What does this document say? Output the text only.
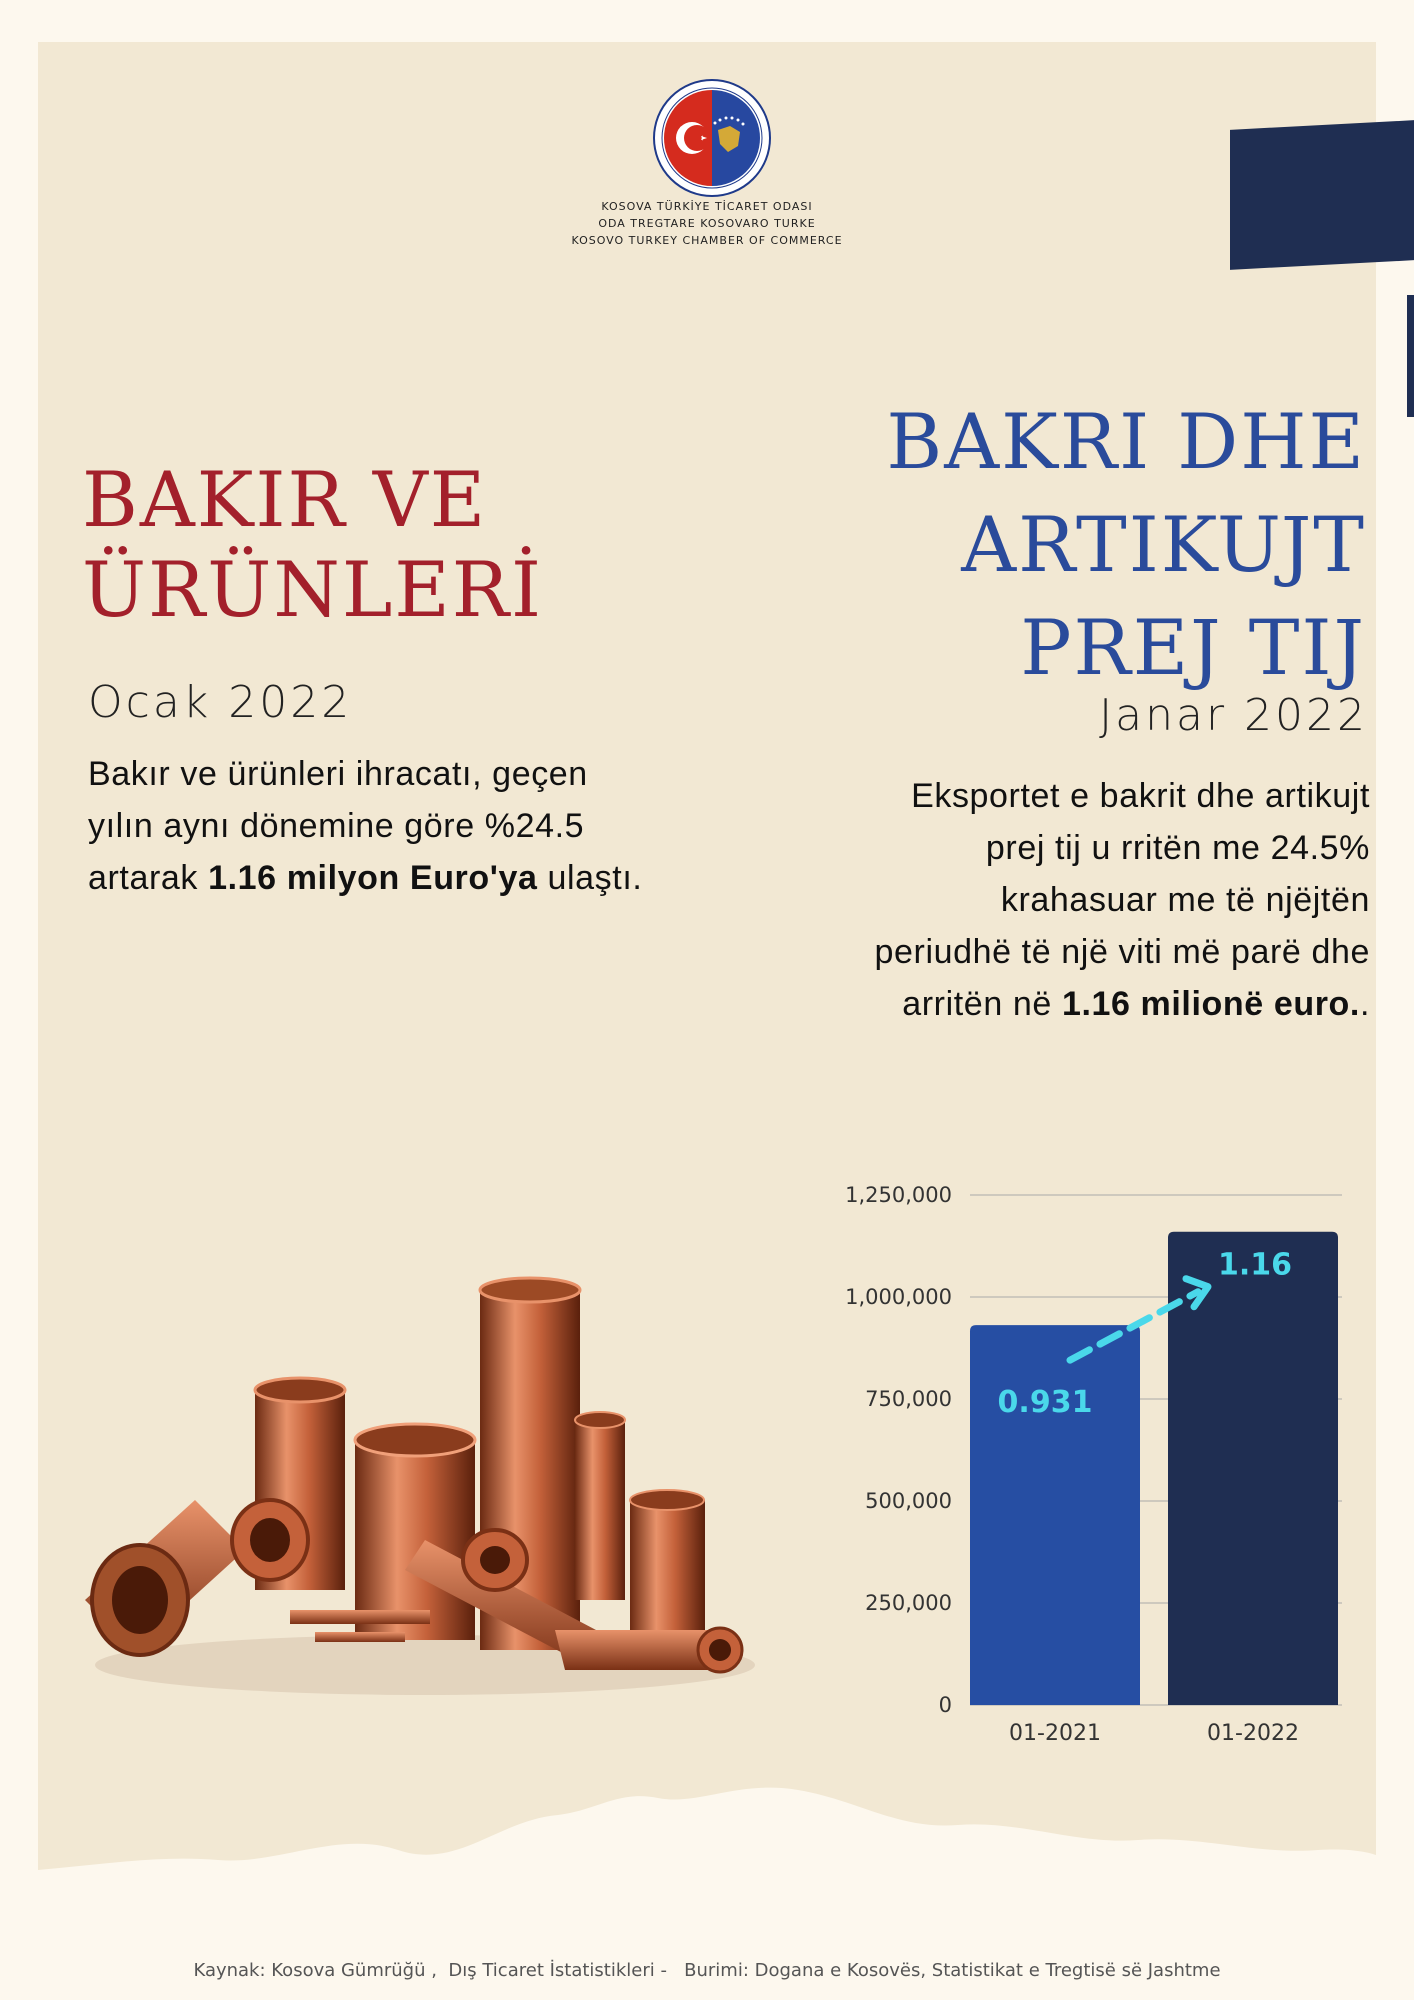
KOSOVA TÜRKİYE TİCARET ODASI
ODA TREGTARE KOSOVARO TURKE
KOSOVO TURKEY CHAMBER OF COMMERCE
BAKIR VE
ÜRÜNLERİ
BAKRI DHE
ARTIKUJT
PREJ TIJ
Ocak 2022	Janar 2022
Bakır ve ürünleri ihracatı, geçen
yılın aynı dönemine göre %24.5
artarak 1.16 milyon Euro'ya ulaştı.
Eksportet e bakrit dhe artikujt
prej tij u rritën me 24.5%
krahasuar me të njëjtën
periudhë të një viti më parë dhe
arritën në 1.16 milionë euro..
0
250,000
500,000
750,000
1,000,000
1,250,000
01-2021	01-2022
0.931
1.16
Kaynak: Kosova Gümrüğü ,  Dış Ticaret İstatistikleri -   Burimi: Dogana e Kosovës, Statistikat e Tregtisë së Jashtme
